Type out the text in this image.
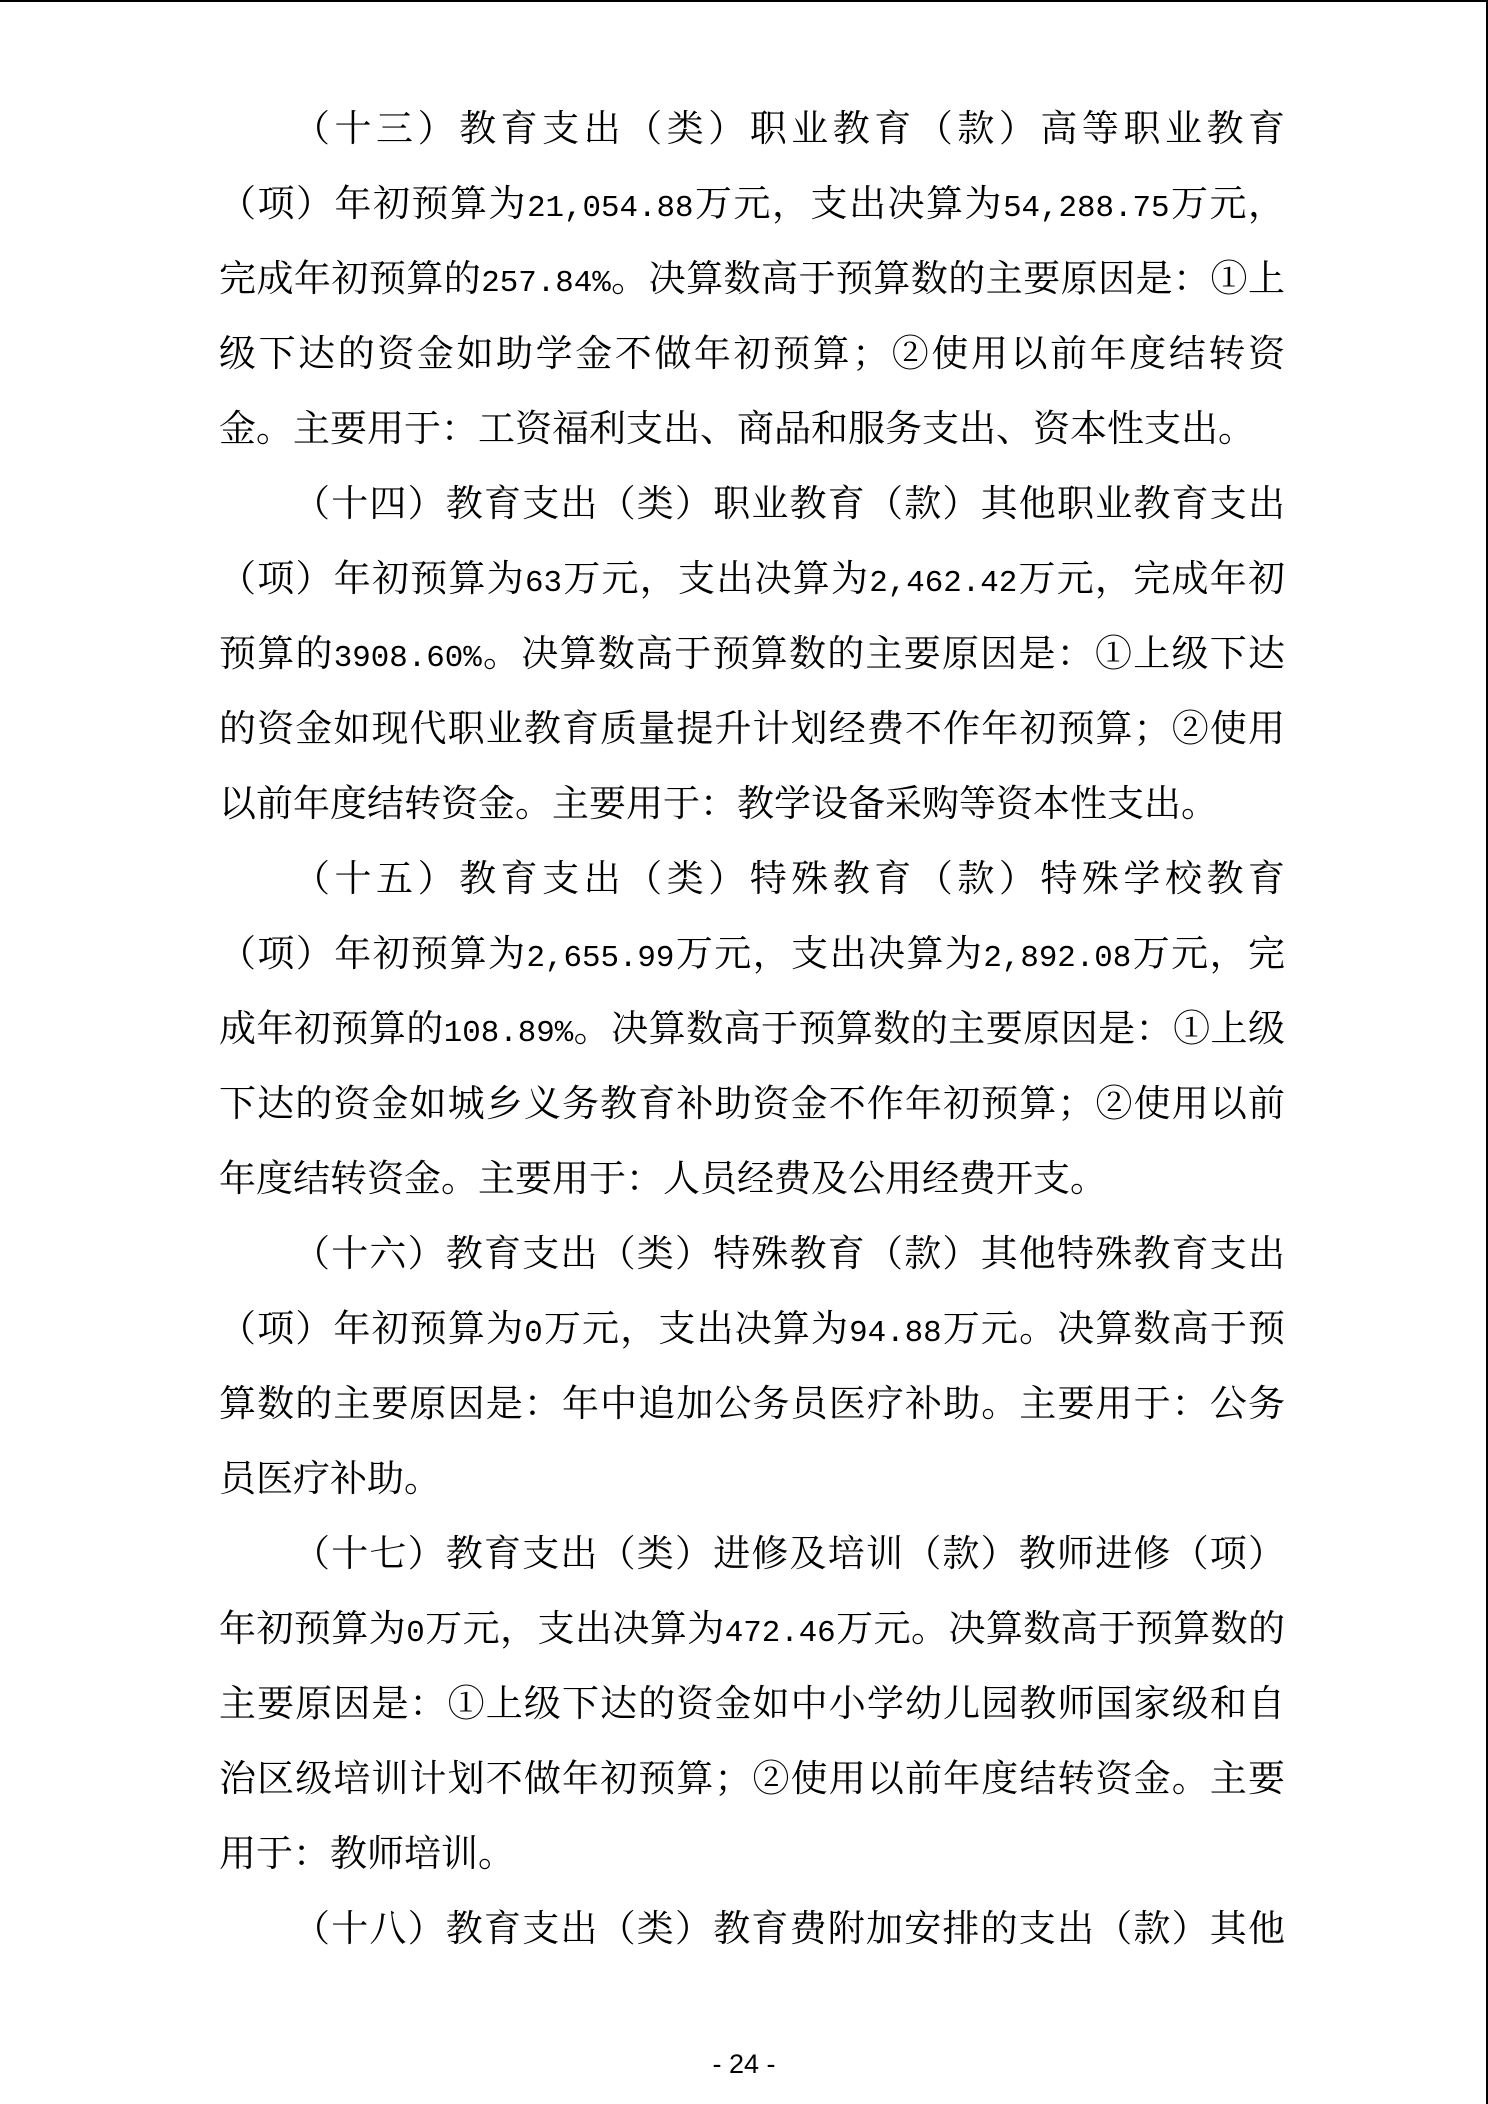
（十三）教育支出（类）职业教育（款）高等职业教育
（项）年初预算为21,054.88万元，支出决算为54,288.75万元，
完成年初预算的257.84%。决算数高于预算数的主要原因是：①上
级下达的资金如助学金不做年初预算；②使用以前年度结转资
金。主要用于：工资福利支出、商品和服务支出、资本性支出。
（十四）教育支出（类）职业教育（款）其他职业教育支出
（项）年初预算为63万元，支出决算为2,462.42万元，完成年初
预算的3908.60%。决算数高于预算数的主要原因是：①上级下达
的资金如现代职业教育质量提升计划经费不作年初预算；②使用
以前年度结转资金。主要用于：教学设备采购等资本性支出。
（十五）教育支出（类）特殊教育（款）特殊学校教育
（项）年初预算为2,655.99万元，支出决算为2,892.08万元，完
成年初预算的108.89%。决算数高于预算数的主要原因是：①上级
下达的资金如城乡义务教育补助资金不作年初预算；②使用以前
年度结转资金。主要用于：人员经费及公用经费开支。
（十六）教育支出（类）特殊教育（款）其他特殊教育支出
（项）年初预算为0万元，支出决算为94.88万元。决算数高于预
算数的主要原因是：年中追加公务员医疗补助。主要用于：公务
员医疗补助。
（十七）教育支出（类）进修及培训（款）教师进修（项）
年初预算为0万元，支出决算为472.46万元。决算数高于预算数的
主要原因是：①上级下达的资金如中小学幼儿园教师国家级和自
治区级培训计划不做年初预算；②使用以前年度结转资金。主要
用于：教师培训。
（十八）教育支出（类）教育费附加安排的支出（款）其他
- 24 -
